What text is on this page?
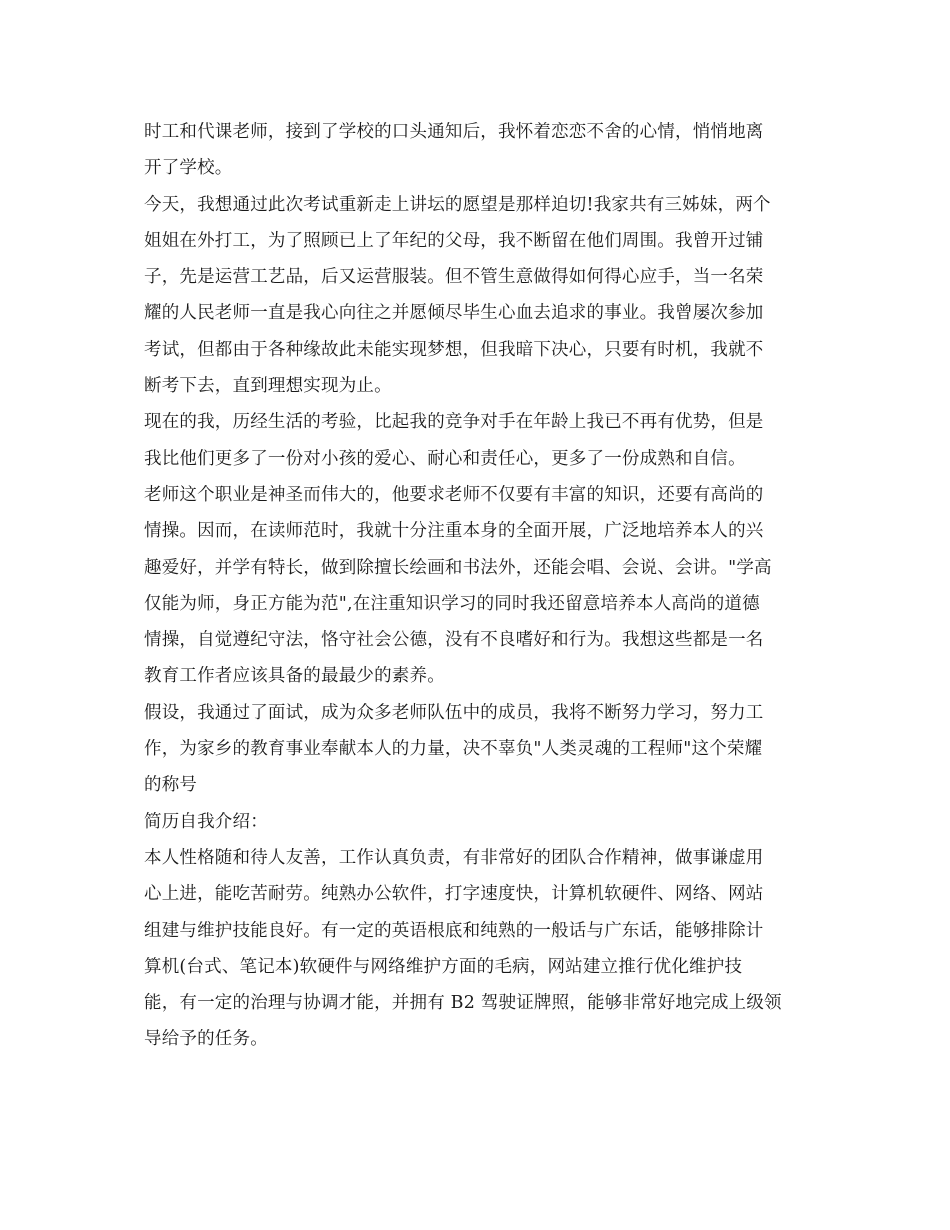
时工和代课老师，接到了学校的口头通知后，我怀着恋恋不舍的心情，悄悄地离
开了学校。
今天，我想通过此次考试重新走上讲坛的愿望是那样迫切!我家共有三姊妹，两个
姐姐在外打工，为了照顾已上了年纪的父母，我不断留在他们周围。我曾开过铺
子，先是运营工艺品，后又运营服装。但不管生意做得如何得心应手，当一名荣
耀的人民老师一直是我心向往之并愿倾尽毕生心血去追求的事业。我曾屡次参加
考试，但都由于各种缘故此未能实现梦想，但我暗下决心，只要有时机，我就不
断考下去，直到理想实现为止。
现在的我，历经生活的考验，比起我的竞争对手在年龄上我已不再有优势，但是
我比他们更多了一份对小孩的爱心、耐心和责任心，更多了一份成熟和自信。
老师这个职业是神圣而伟大的，他要求老师不仅要有丰富的知识，还要有高尚的
情操。因而，在读师范时，我就十分注重本身的全面开展，广泛地培养本人的兴
趣爱好，并学有特长，做到除擅长绘画和书法外，还能会唱、会说、会讲。"学高
仅能为师，身正方能为范",在注重知识学习的同时我还留意培养本人高尚的道德
情操，自觉遵纪守法，恪守社会公德，没有不良嗜好和行为。我想这些都是一名
教育工作者应该具备的最最少的素养。
假设，我通过了面试，成为众多老师队伍中的成员，我将不断努力学习，努力工
作，为家乡的教育事业奉献本人的力量，决不辜负"人类灵魂的工程师"这个荣耀
的称号
简历自我介绍：
本人性格随和待人友善，工作认真负责，有非常好的团队合作精神，做事谦虚用
心上进，能吃苦耐劳。纯熟办公软件，打字速度快，计算机软硬件、网络、网站
组建与维护技能良好。有一定的英语根底和纯熟的一般话与广东话，能够排除计
算机(台式、笔记本)软硬件与网络维护方面的毛病，网站建立推行优化维护技
能，有一定的治理与协调才能，并拥有 B2 驾驶证牌照，能够非常好地完成上级领
导给予的任务。
